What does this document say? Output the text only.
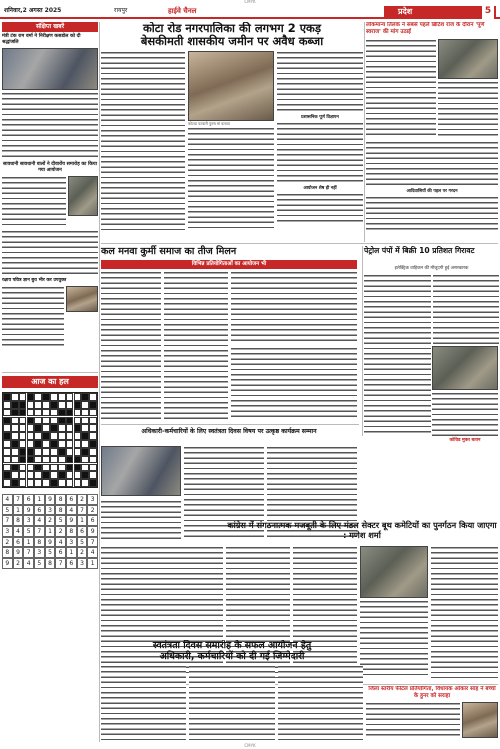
CMYK
शनिवार,2 अगस्त 2025	रायपुर	हाईवे चैनल	प्रदेश	5
संक्षिप्त खबरें
मंत्री टंक राम वर्मा ने निरीक्षण कसडोल को दी श्रद्धांजलि
सावधानी सावधानी वालों ने दीवारोंय समारोह का किया गया आयोजन
रक्षाय पवित्र ज्ञान बुध भीर कर उपयुक्त
कोटा रोड नगरपालिका की लगभग 2 एकड़
बेसकीमती शासकीय जमीन पर अवैध कब्जा
कोटवा पटवारी पुरुष मां बताया
प्रशासनिक पूर्ण विज्ञापन
आयोजन शेष ही नहीं
लोकमान्य तिलक ने सबसे पहले ब्रिटिश राज के दौरान 'पूर्ण स्वराज' की मांग उठाई
आदिवासियों की पहल पर गरदन
कल मनवा कुर्मी समाज का तीज मिलन	पेट्रोल पंपों में बिक्री 10 प्रतिशत गिरावट
इलेक्ट्रिक वाहिकन की मौजूदगी हुई असरकारक
विभिन्न प्रतियोगिताओं का आयोजन भी
आज का हल
4	7	6	1	9	8	6	2	3
5	1	9	6	3	8	4	7	2
7	8	3	4	2	5	9	1	6
3	4	5	7	1	2	8	6	9
2	6	1	8	9	4	3	5	7
8	9	7	3	5	6	1	2	4
9	2	4	5	8	7	6	3	1
अधिकारी-कर्मचारियों के लिए स्वतंत्रता दिवस विषय पर उत्कृष्ठ कार्यक्रम सम्मान
कांग्रेस में संगठनात्मक मजबूती के लिए मंडल सेक्टर बूथ कमेटियों का पुनर्गठन किया जाएगा : गणेश शर्मा
कोविड मुक्त बतान
स्वतंत्रता दिवस समारोह के सफल आयोजन हेतु
अधिकारी, कर्मचारियों को दी गई जिम्मेदारी
जिला स्तरीय फीटेल प्रतियोगिता, विधायक ओंकार साह ने बच्चों के हुनर को सराहा
CMYK
